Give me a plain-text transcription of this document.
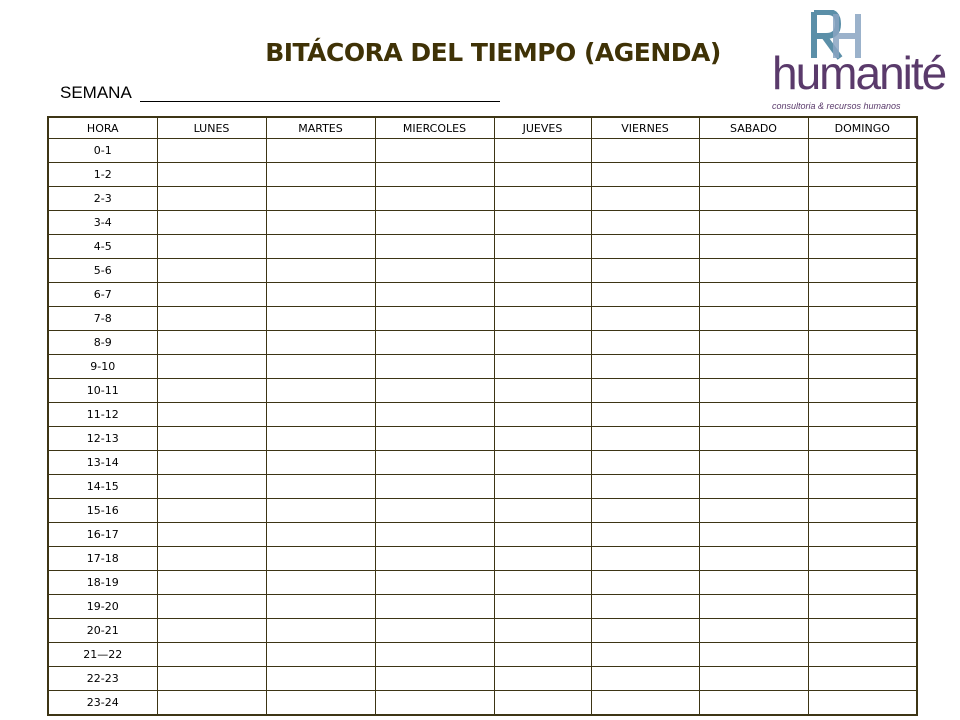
BITÁCORA DEL TIEMPO (AGENDA)
SEMANA	humanité
consultoria & recursos humanos
HORA	LUNES	MARTES	MIERCOLES	JUEVES	VIERNES	SABADO	DOMINGO
0-1							
1-2							
2-3							
3-4							
4-5							
5-6							
6-7							
7-8							
8-9							
9-10							
10-11							
11-12							
12-13							
13-14							
14-15							
15-16							
16-17							
17-18							
18-19							
19-20							
20-21							
21—22							
22-23							
23-24							
